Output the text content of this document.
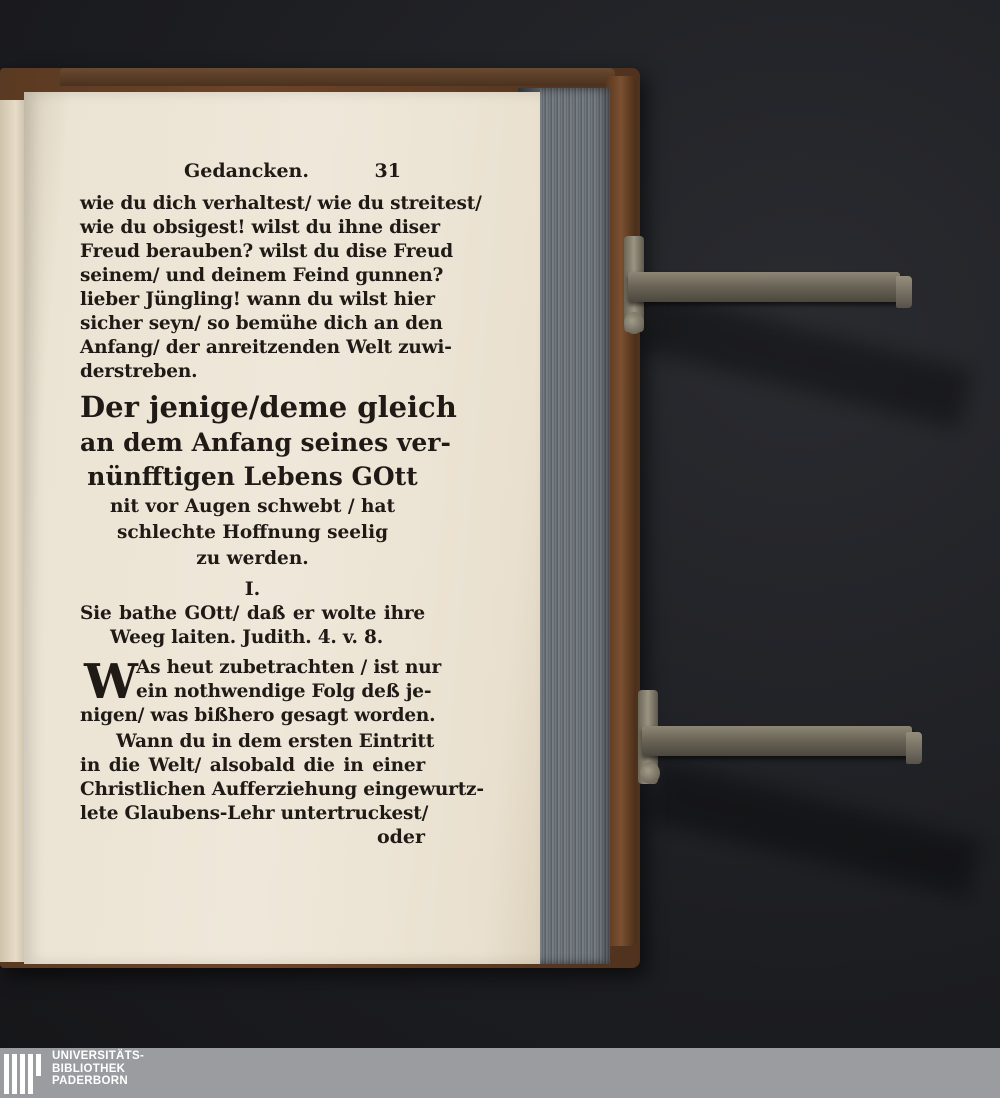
Gedancken.	31
wie du dich verhaltest/ wie du streitest/
wie du obsigest! wilst du ihne diser
Freud berauben? wilst du dise Freud
seinem/ und deinem Feind gunnen?
lieber Jüngling! wann du wilst hier
sicher seyn/ so bemühe dich an den
Anfang/ der anreitzenden Welt zuwi-
derstreben.
Der jenige/deme gleich
an dem Anfang seines ver-
nünfftigen Lebens GOtt
nit vor Augen schwebt / hat
schlechte Hoffnung seelig
zu werden.
I.
Sie bathe GOtt/ daß er wolte ihre
Weeg laiten. Judith. 4. v. 8.
W
As heut zubetrachten / ist nur
ein nothwendige Folg deß je-
nigen/ was bißhero gesagt worden.
Wann du in dem ersten Eintritt
in die Welt/ alsobald die in einer
Christlichen Aufferziehung eingewurtz-
lete Glaubens-Lehr untertruckest/
oder
UNIVERSITÄTS-
BIBLIOTHEK
PADERBORN
